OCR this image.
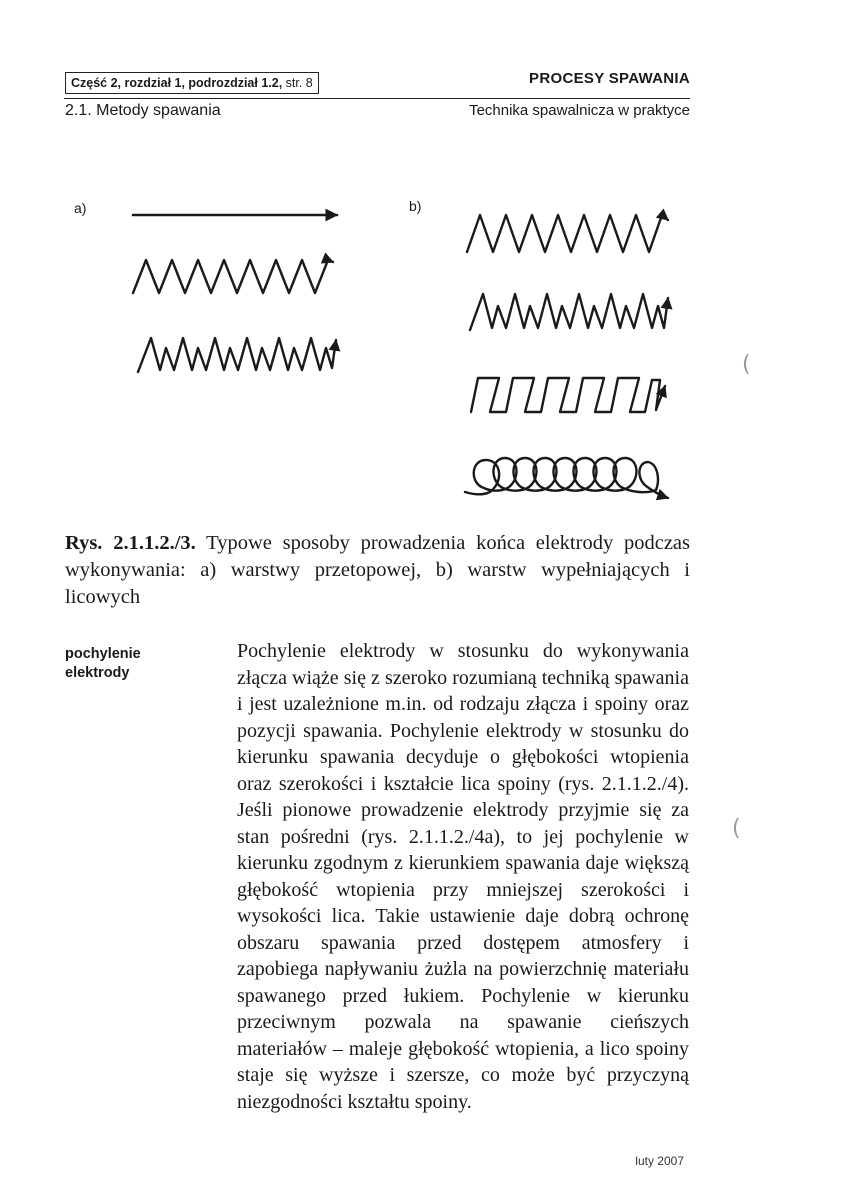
Część 2, rozdział 1, podrozdział 1.2, str. 8	PROCESY SPAWANIA
2.1. Metody spawania	Technika spawalnicza w praktyce
a)	b)
Rys. 2.1.1.2./3. Typowe sposoby prowadzenia końca elektrody podczas wykonywania: a) warstwy przetopowej, b) warstw wypełniających i licowych
pochylenie
elektrody
Pochylenie elektrody w stosunku do wykonywania złącza wiąże się z szeroko rozumianą techniką spawania i jest uzależnione m.in. od rodzaju złącza i spoiny oraz pozycji spawania. Pochylenie elektrody w stosunku do kierunku spawania decyduje o głębokości wtopienia oraz szerokości i kształcie lica spoiny (rys. 2.1.1.2./4). Jeśli pionowe prowadzenie elektrody przyjmie się za stan pośredni (rys. 2.1.1.2./4a), to jej pochylenie w kierunku zgodnym z kierunkiem spawania daje większą głębokość wtopienia przy mniejszej szerokości i wysokości lica. Takie ustawienie daje dobrą ochronę obszaru spawania przed dostępem atmosfery i zapobiega napływaniu żużla na powierzchnię materiału spawanego przed łukiem. Pochylenie w kierunku przeciwnym pozwala na spawanie cieńszych materiałów – maleje głębokość wtopienia, a lico spoiny staje się wyższe i szersze, co może być przyczyną niezgodności kształtu spoiny.
luty 2007
(
(
